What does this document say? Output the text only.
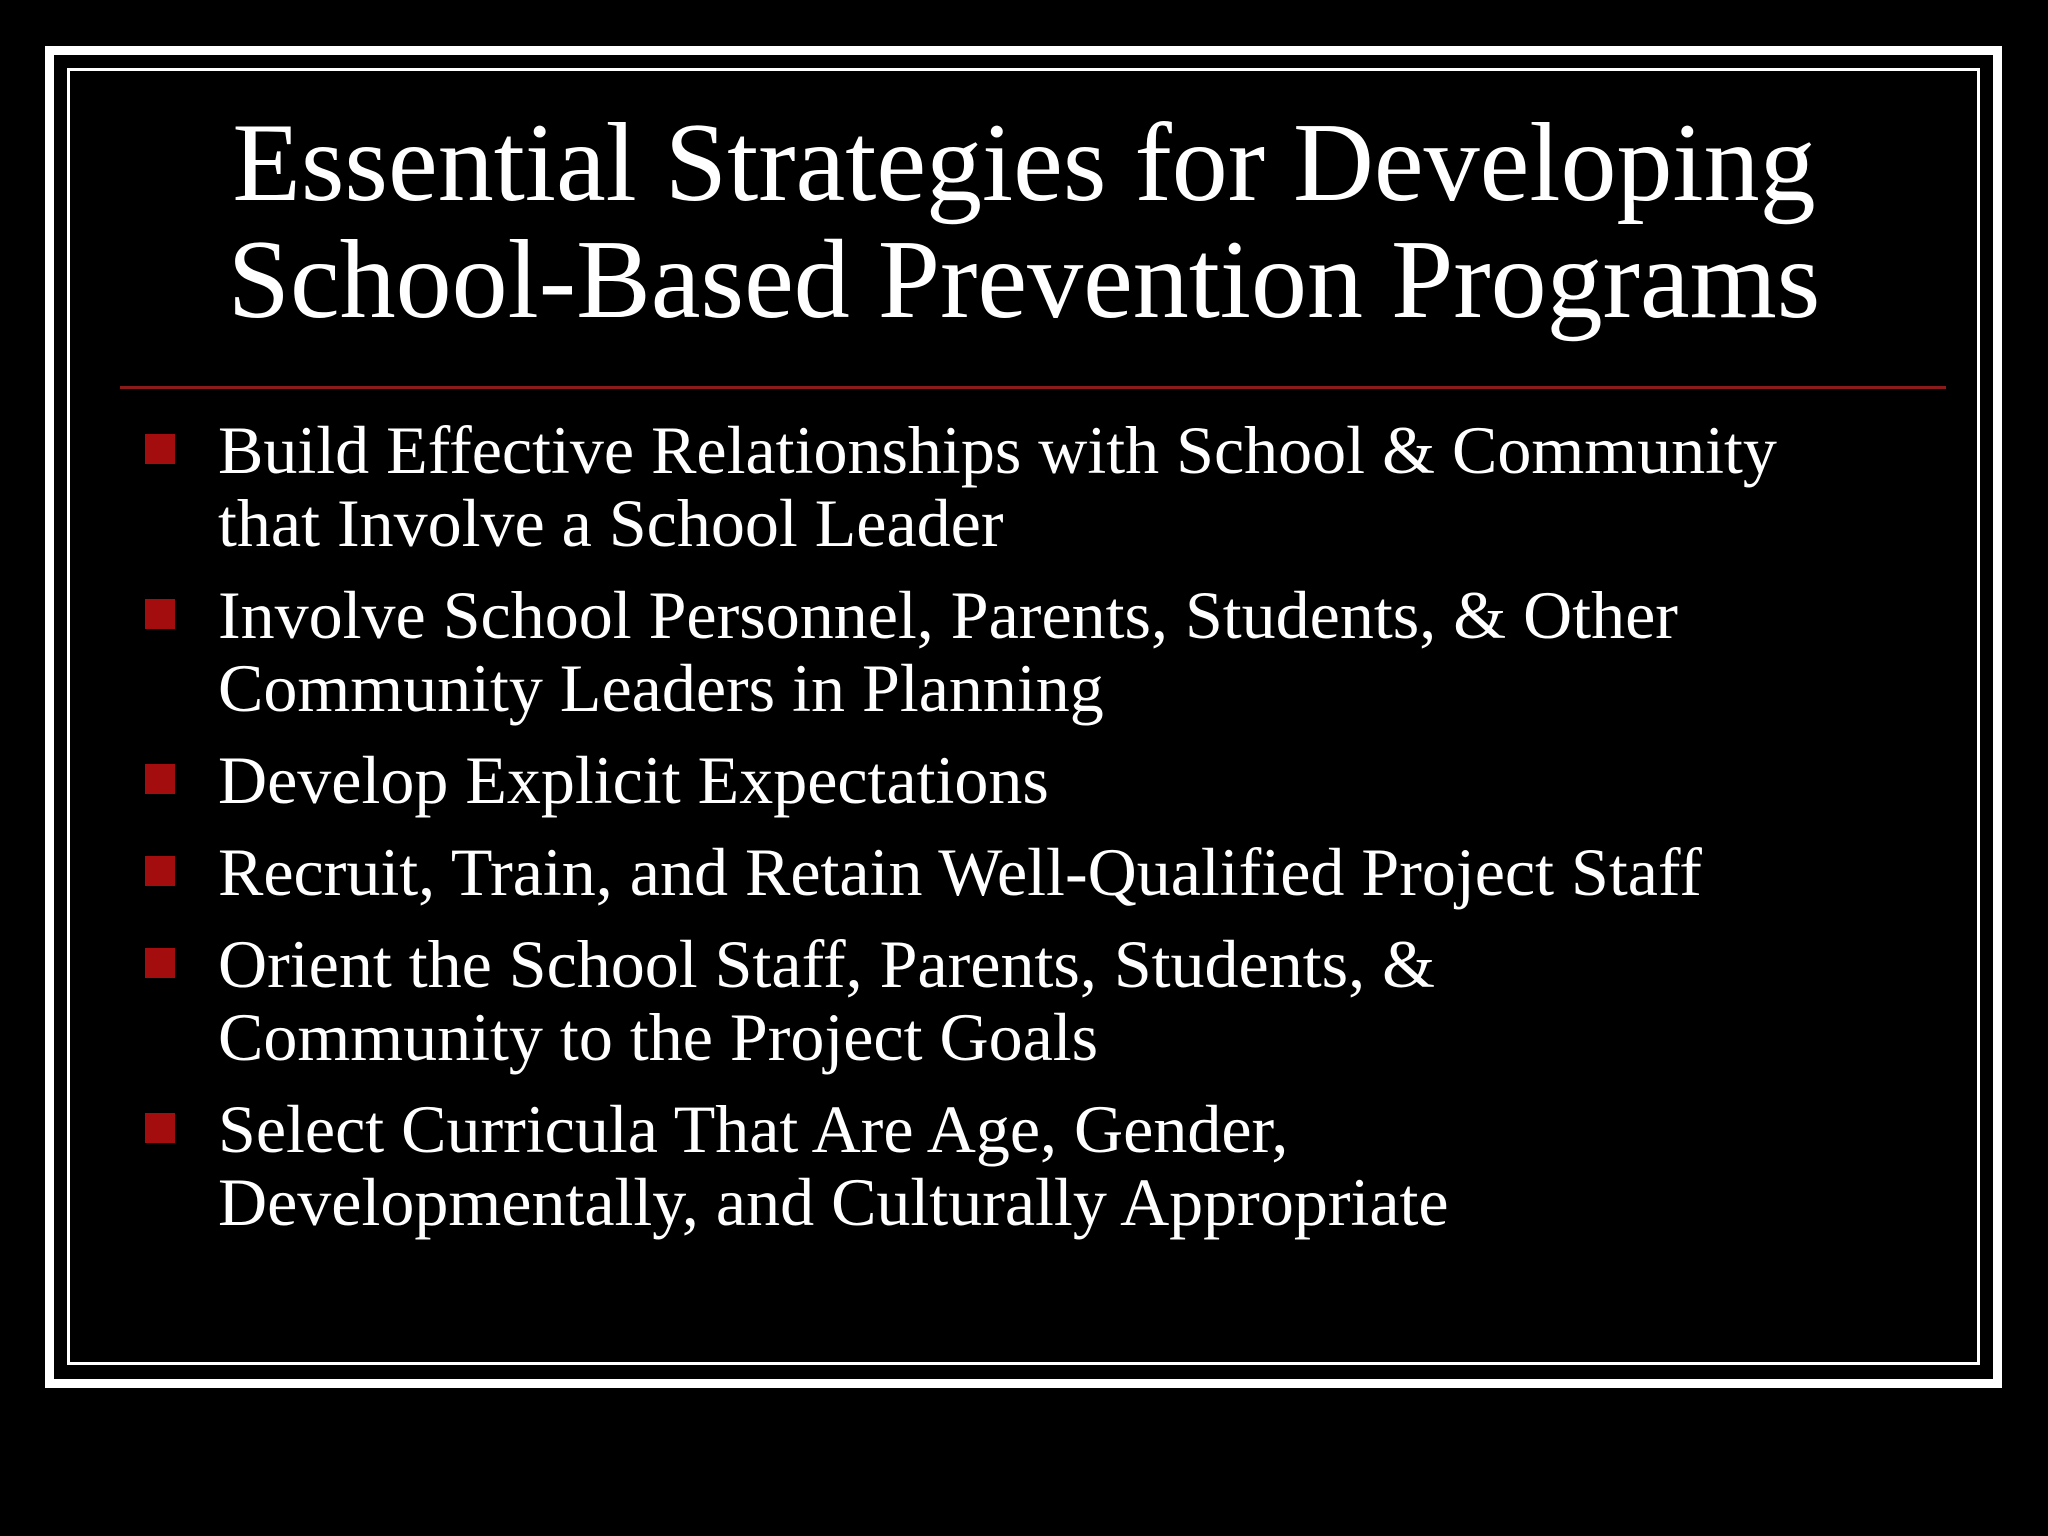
Essential Strategies for Developing
School-Based Prevention Programs
Build Effective Relationships with School & Community
that Involve a School Leader
Involve School Personnel, Parents, Students, & Other
Community Leaders in Planning
Develop Explicit Expectations
Recruit, Train, and Retain Well-Qualified Project Staff
Orient the School Staff, Parents, Students, &
Community to the Project Goals
Select Curricula That Are Age, Gender,
Developmentally, and Culturally Appropriate
